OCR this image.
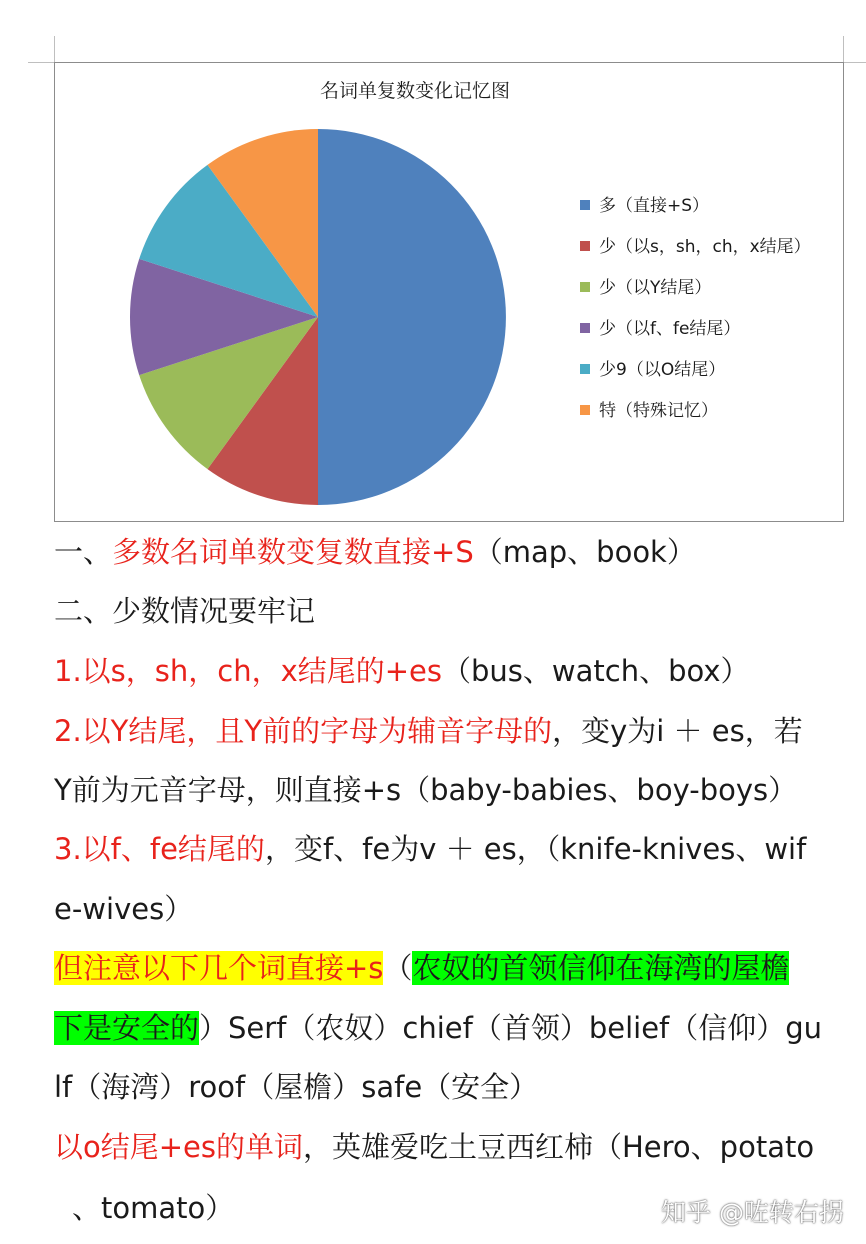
名词单复数变化记忆图
多（直接+S）
少（以s，sh，ch，x结尾）
少（以Y结尾）
少（以f、fe结尾）
少9（以O结尾）
特（特殊记忆）
一、多数名词单数变复数直接+S（map、book）
二、少数情况要牢记
1.以s，sh，ch，x结尾的+es（bus、watch、box）
2.以Y结尾，且Y前的字母为辅音字母的，变y为i ＋ es，若
Y前为元音字母，则直接+s（baby-babies、boy-boys）
3.以f、fe结尾的，变f、fe为v ＋ es，（knife-knives、wif
e-wives）
但注意以下几个词直接+s（农奴的首领信仰在海湾的屋檐
下是安全的）Serf（农奴）chief（首领）belief（信仰）gu
lf（海湾）roof（屋檐）safe（安全）
以o结尾+es的单词，英雄爱吃土豆西红柿（Hero、potato
、tomato）	知乎 @咗转右拐
